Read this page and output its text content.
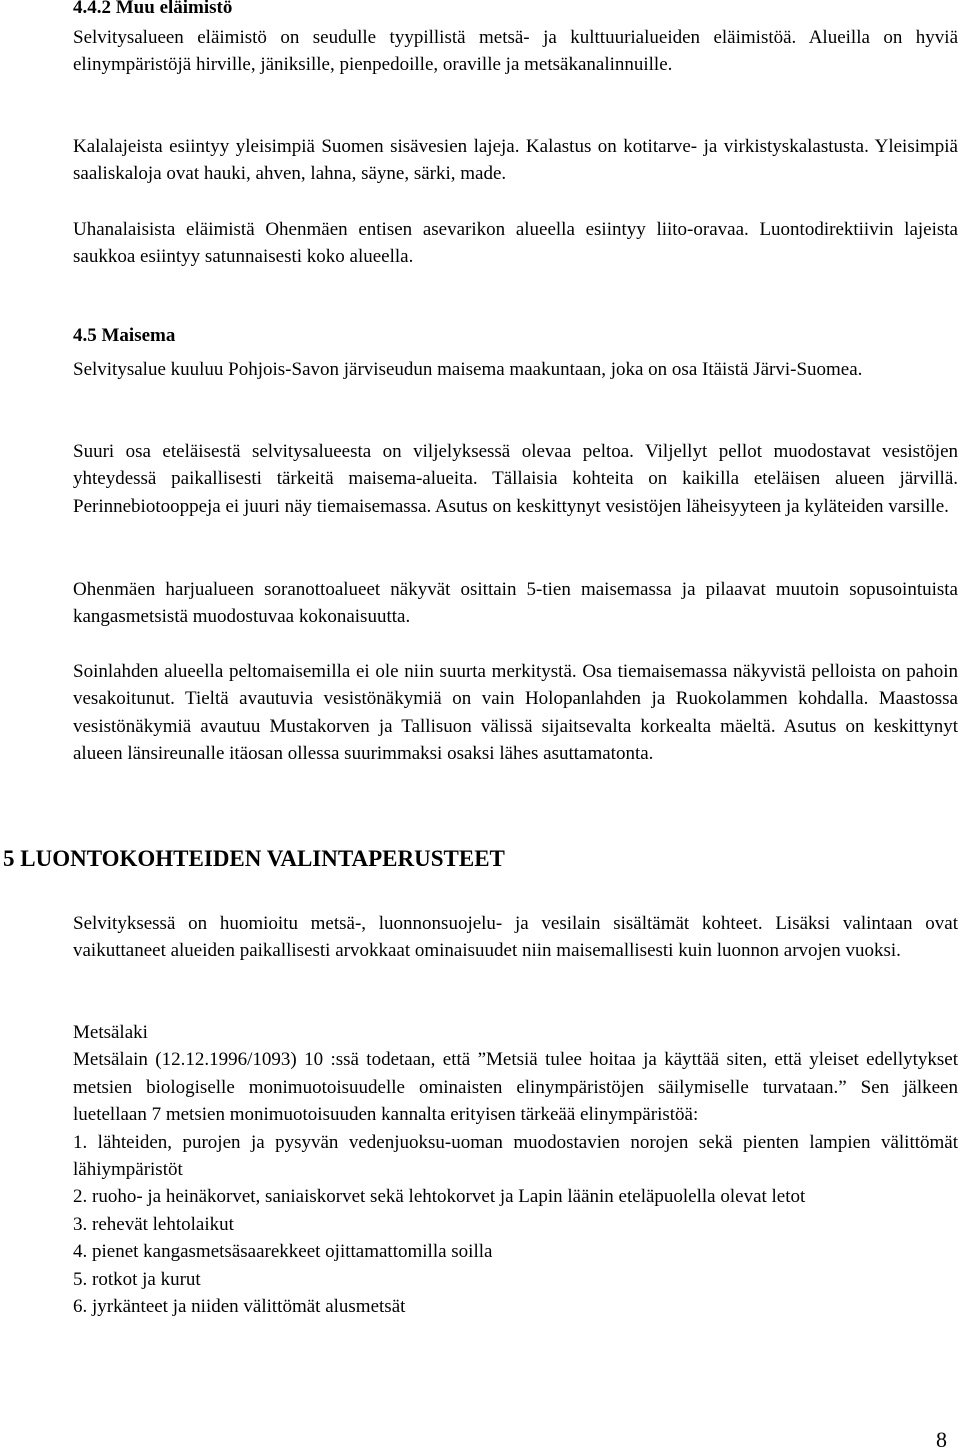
4.4.2 Muu eläimistö

Selvitysalueen eläimistö on seudulle tyypillistä metsä- ja kulttuurialueiden eläimistöä. Alueilla on hyviä elinympäristöjä hirville, jäniksille, pienpedoille, oraville ja metsäkanalinnuille.

Kalalajeista esiintyy yleisimpiä Suomen sisävesien lajeja. Kalastus on kotitarve- ja virkistyskalastusta. Yleisimpiä saaliskaloja ovat hauki, ahven, lahna, säyne, särki, made.

Uhanalaisista eläimistä Ohenmäen entisen asevarikon alueella esiintyy liito-oravaa. Luontodirektiivin lajeista saukkoa esiintyy satunnaisesti koko alueella.

4.5 Maisema

Selvitysalue kuuluu Pohjois-Savon järviseudun maisema maakuntaan, joka on osa Itäistä Järvi-Suomea.

Suuri osa eteläisestä selvitysalueesta on viljelyksessä olevaa peltoa. Viljellyt pellot muodostavat vesistöjen yhteydessä paikallisesti tärkeitä maisema-alueita. Tällaisia kohteita on kaikilla eteläisen alueen järvillä. Perinnebiotooppeja ei juuri näy tiemaisemassa. Asutus on keskittynyt vesistöjen läheisyyteen ja kyläteiden varsille.

Ohenmäen harjualueen soranottoalueet näkyvät osittain 5-tien maisemassa ja pilaavat muutoin sopusointuista kangasmetsistä muodostuvaa kokonaisuutta.

Soinlahden alueella peltomaisemilla ei ole niin suurta merkitystä. Osa tiemaisemassa näkyvistä pelloista on pahoin vesakoitunut. Tieltä avautuvia vesistönäkymiä on vain Holopanlahden ja Ruokolammen kohdalla. Maastossa vesistönäkymiä avautuu Mustakorven ja Tallisuon välissä sijaitsevalta korkealta mäeltä. Asutus on keskittynyt alueen länsireunalle itäosan ollessa suurimmaksi osaksi lähes asuttamatonta.

5 LUONTOKOHTEIDEN VALINTAPERUSTEET

Selvityksessä on huomioitu metsä-, luonnonsuojelu- ja vesilain sisältämät kohteet. Lisäksi valintaan ovat vaikuttaneet alueiden paikallisesti arvokkaat ominaisuudet niin maisemallisesti kuin luonnon arvojen vuoksi.

Metsälaki
Metsälain (12.12.1996/1093) 10 :ssä todetaan, että ”Metsiä tulee hoitaa ja käyttää siten, että yleiset edellytykset metsien biologiselle monimuotoisuudelle ominaisten elinympäristöjen säilymiselle turvataan.” Sen jälkeen luetellaan 7 metsien monimuotoisuuden kannalta erityisen tärkeää elinympäristöä:
1. lähteiden, purojen ja pysyvän vedenjuoksu-uoman muodostavien norojen sekä pienten lampien välittömät lähiympäristöt
2. ruoho- ja heinäkorvet, saniaiskorvet sekä lehtokorvet ja Lapin läänin eteläpuolella olevat letot
3. rehevät lehtolaikut
4. pienet kangasmetsäsaarekkeet ojittamattomilla soilla
5. rotkot ja kurut
6. jyrkänteet ja niiden välittömät alusmetsät
8
